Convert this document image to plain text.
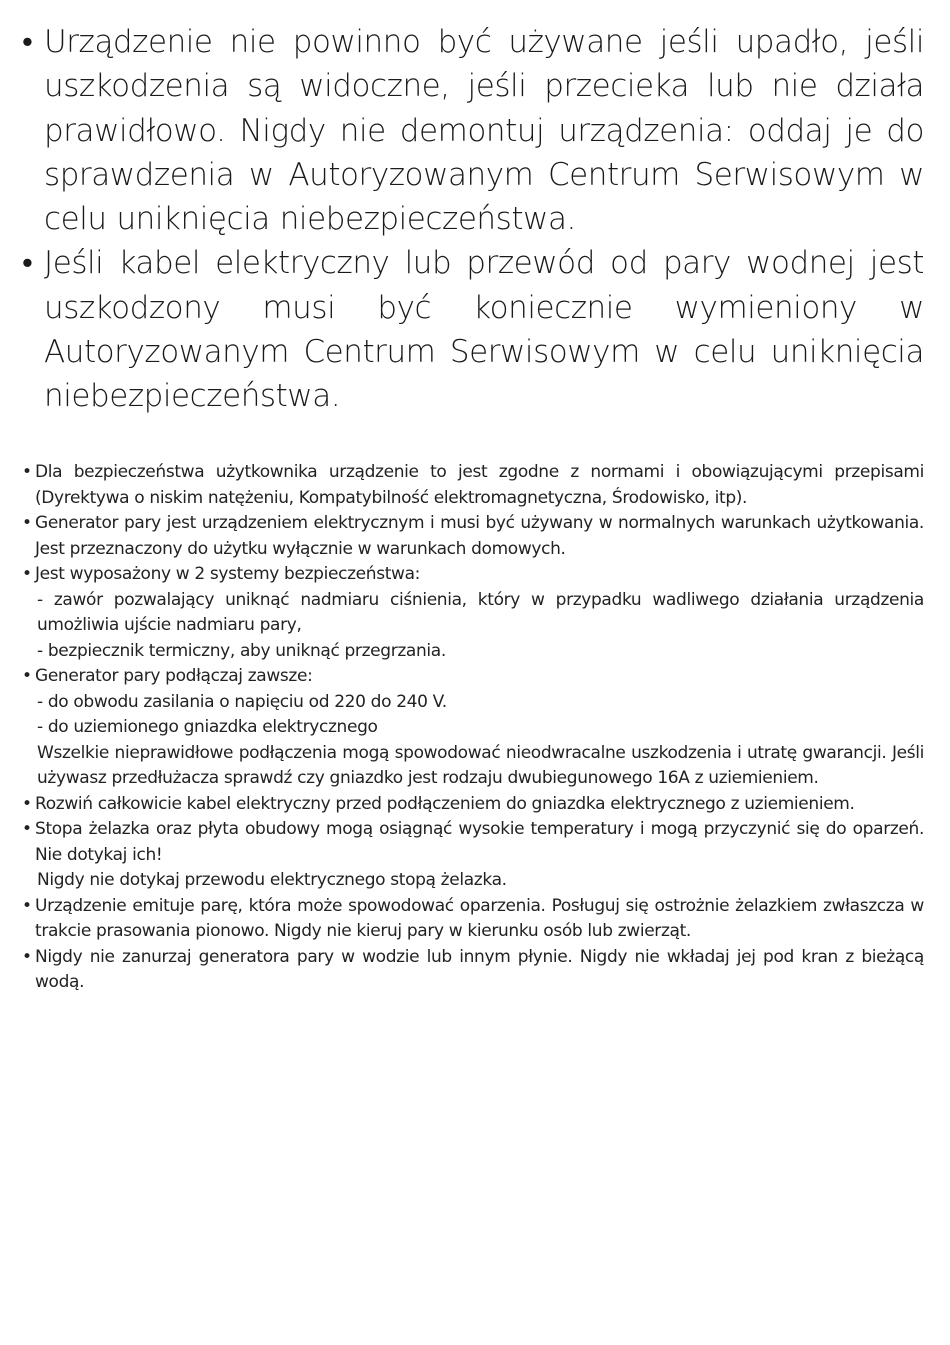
• Urządzenie nie powinno być używane jeśli upadło, jeśli uszkodzenia są widoczne, jeśli przecieka lub nie działa prawidłowo. Nigdy nie demontuj urządzenia: oddaj je do sprawdzenia w Autoryzowanym Centrum Serwisowym w celu uniknięcia niebezpieczeństwa.
• Jeśli kabel elektryczny lub przewód od pary wodnej jest uszkodzony musi być koniecznie wymieniony w Autoryzowanym Centrum Serwisowym w celu uniknięcia niebezpieczeństwa.
• Dla bezpieczeństwa użytkownika urządzenie to jest zgodne z normami i obowiązującymi przepisami (Dyrektywa o niskim natężeniu, Kompatybilność elektromagnetyczna, Środowisko, itp).
• Generator pary jest urządzeniem elektrycznym i musi być używany w normalnych warunkach użytkowania. Jest przeznaczony do użytku wyłącznie w warunkach domowych.
• Jest wyposażony w 2 systemy bezpieczeństwa:
- zawór pozwalający uniknąć nadmiaru ciśnienia, który w przypadku wadliwego działania urządzenia umożliwia ujście nadmiaru pary,
- bezpiecznik termiczny, aby uniknąć przegrzania.
• Generator pary podłączaj zawsze:
- do obwodu zasilania o napięciu od 220 do 240 V.
- do uziemionego gniazdka elektrycznego
Wszelkie nieprawidłowe podłączenia mogą spowodować nieodwracalne uszkodzenia i utratę gwarancji. Jeśli używasz przedłużacza sprawdź czy gniazdko jest rodzaju dwubiegunowego 16A z uziemieniem.
• Rozwiń całkowicie kabel elektryczny przed podłączeniem do gniazdka elektrycznego z uziemieniem.
• Stopa żelazka oraz płyta obudowy mogą osiągnąć wysokie temperatury i mogą przyczynić się do oparzeń. Nie dotykaj ich!
Nigdy nie dotykaj przewodu elektrycznego stopą żelazka.
• Urządzenie emituje parę, która może spowodować oparzenia. Posługuj się ostrożnie żelazkiem zwłaszcza w trakcie prasowania pionowo. Nigdy nie kieruj pary w kierunku osób lub zwierząt.
• Nigdy nie zanurzaj generatora pary w wodzie lub innym płynie. Nigdy nie wkładaj jej pod kran z bieżącą wodą.
